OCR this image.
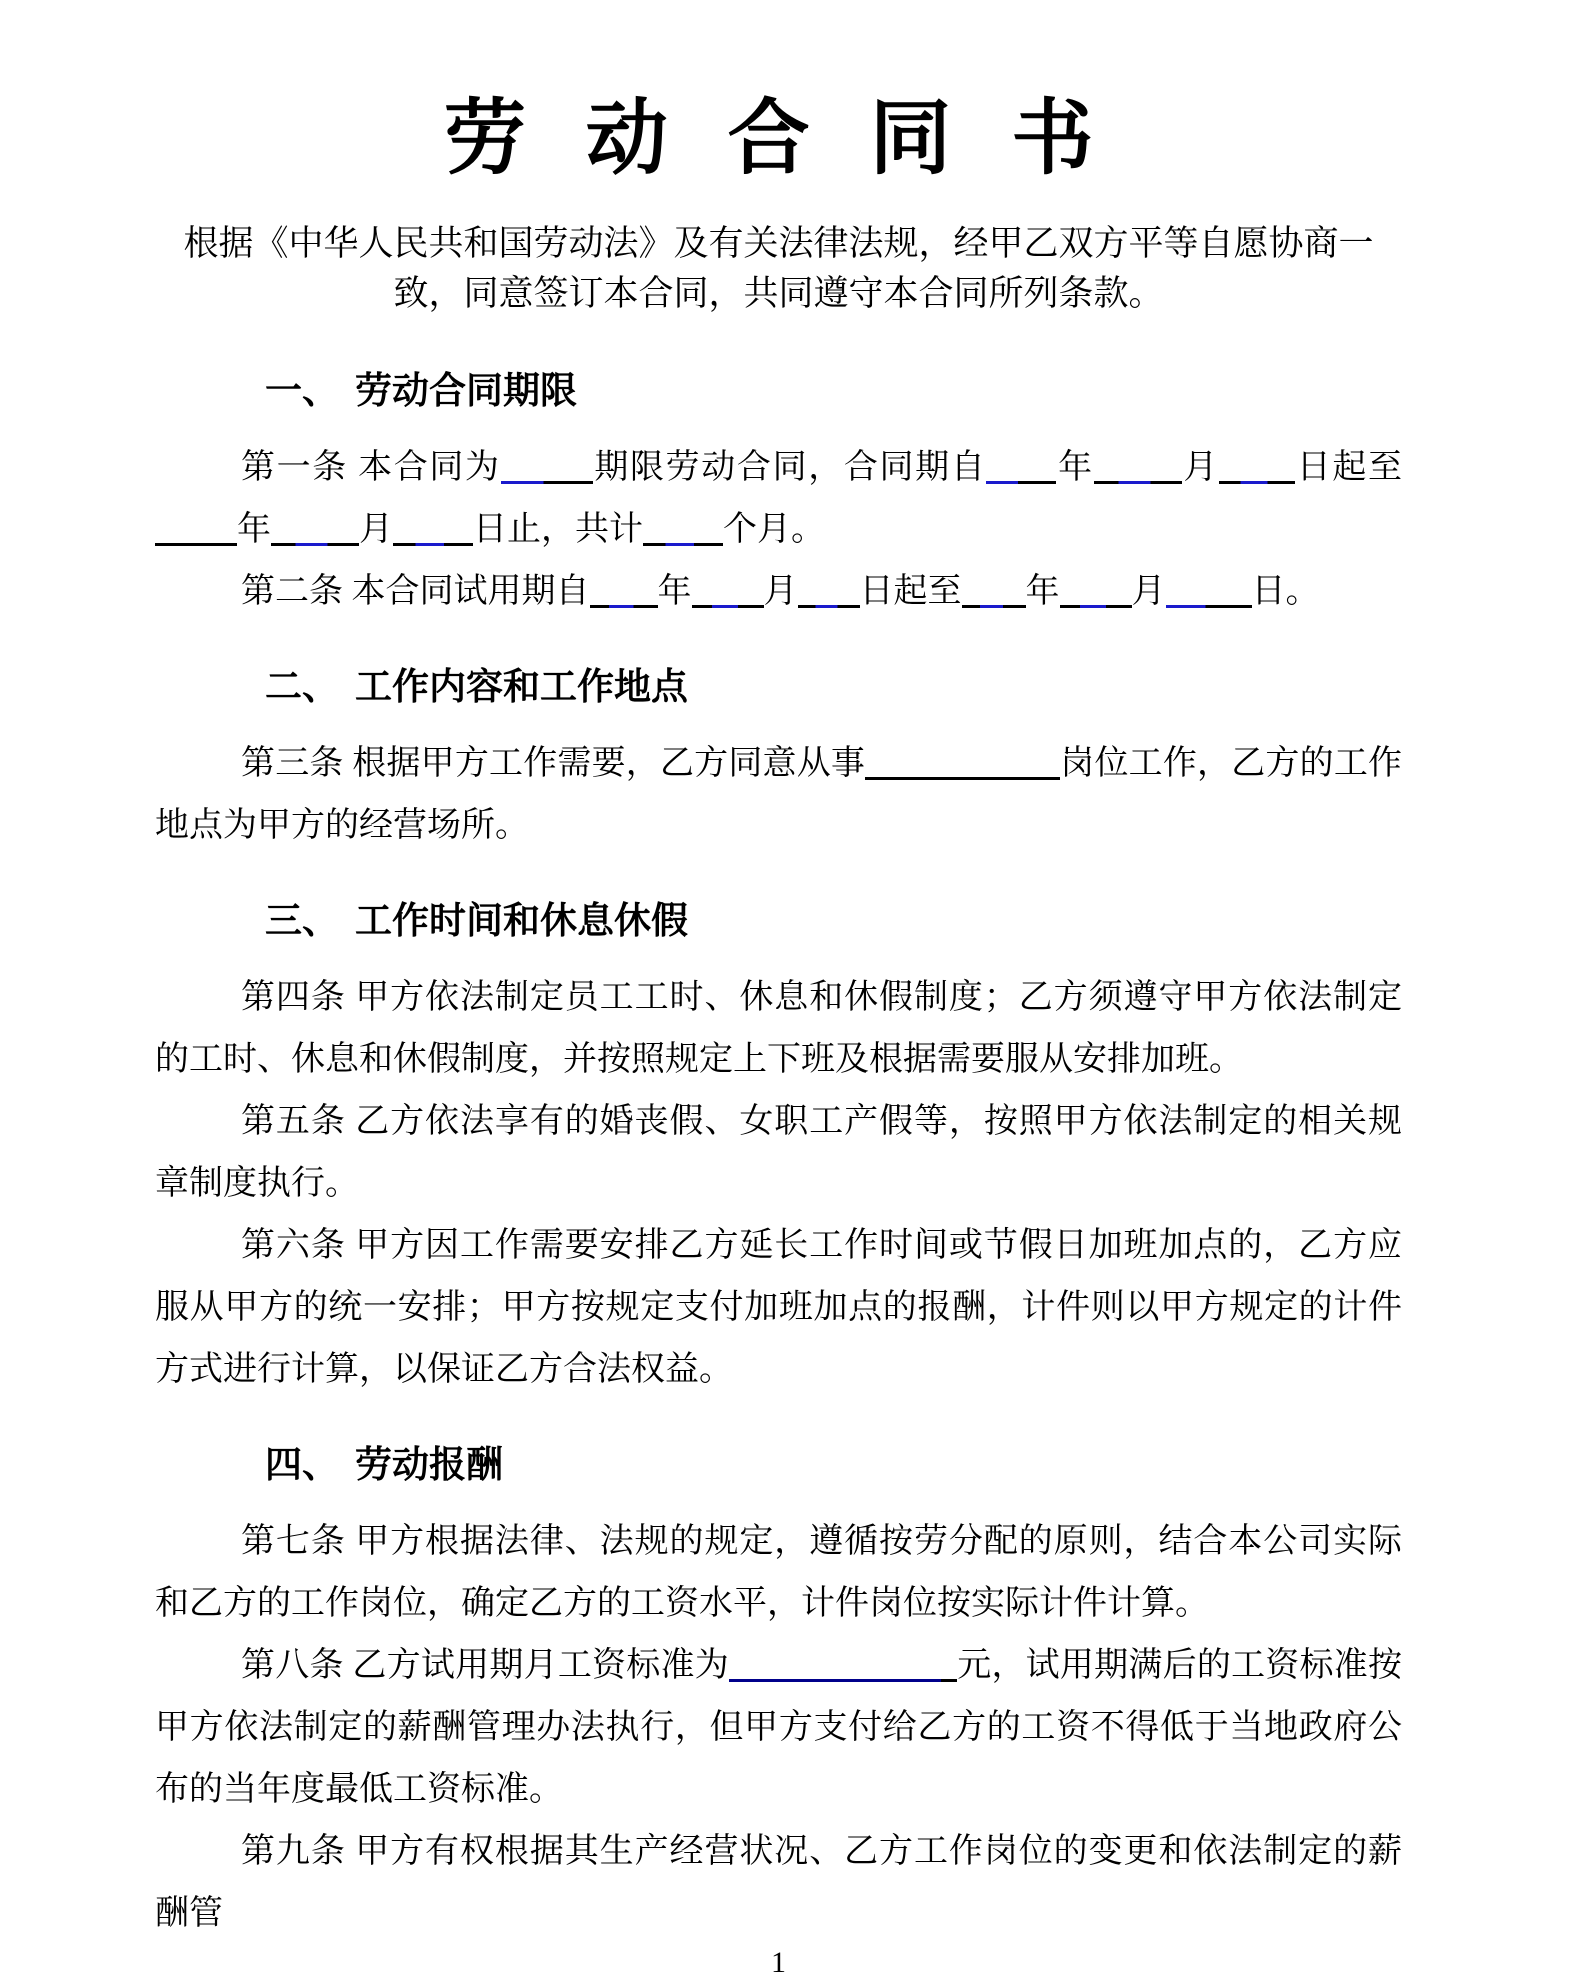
劳 动 合 同 书
根据《中华人民共和国劳动法》及有关法律法规，经甲乙双方平等自愿协商一
致，同意签订本合同，共同遵守本合同所列条款。
一、 劳动合同期限

第一条 本合同为	期限劳动合同，合同期自 年	月 日起至年	月 日止，共计 个月。

第二条 本合同试用期自 年 月 日起至 年 月	日。

二、 工作内容和工作地点

第三条 根据甲方工作需要，乙方同意从事	岗位工作，乙方的工作地点为甲方的经营场所。

三、 工作时间和休息休假

第四条 甲方依法制定员工工时、休息和休假制度；乙方须遵守甲方依法制定的工时、休息和休假制度，并按照规定上下班及根据需要服从安排加班。

第五条 乙方依法享有的婚丧假、女职工产假等，按照甲方依法制定的相关规章制度执行。

第六条 甲方因工作需要安排乙方延长工作时间或节假日加班加点的，乙方应服从甲方的统一安排；甲方按规定支付加班加点的报酬，计件则以甲方规定的计件方式进行计算，以保证乙方合法权益。

四、 劳动报酬

第七条 甲方根据法律、法规的规定，遵循按劳分配的原则，结合本公司实际和乙方的工作岗位，确定乙方的工资水平，计件岗位按实际计件计算。

第八条 乙方试用期月工资标准为	元，试用期满后的工资标准按甲方依法制定的薪酬管理办法执行，但甲方支付给乙方的工资不得低于当地政府公布的当年度最低工资标准。

第九条 甲方有权根据其生产经营状况、乙方工作岗位的变更和依法制定的薪酬管

1
